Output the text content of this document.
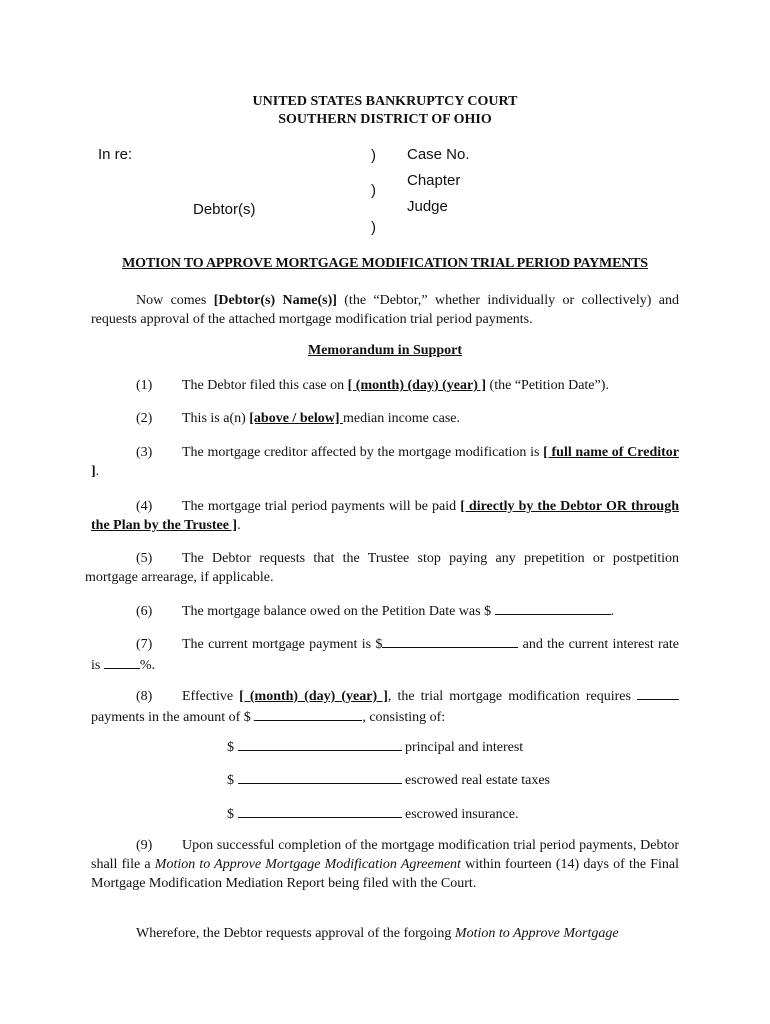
UNITED STATES BANKRUPTCY COURT
SOUTHERN DISTRICT OF OHIO
In re:
Debtor(s)
)
)
)
Case No.
Chapter
Judge
MOTION TO APPROVE MORTGAGE MODIFICATION TRIAL PERIOD PAYMENTS
Now comes [Debtor(s) Name(s)] (the “Debtor,” whether individually or collectively) and requests approval of the attached mortgage modification trial period payments.
Memorandum in Support
(1) The Debtor filed this case on [ (month) (day) (year) ] (the “Petition Date”).
(2) This is a(n) [above / below] median income case.
(3) The mortgage creditor affected by the mortgage modification is [ full name of Creditor ].
(4) The mortgage trial period payments will be paid [ directly by the Debtor OR through the Plan by the Trustee ].
(5) The Debtor requests that the Trustee stop paying any prepetition or postpetition mortgage arrearage, if applicable.
(6) The mortgage balance owed on the Petition Date was $	.
(7) The current mortgage payment is $	and the current interest rate is	%.
(8) Effective [ (month) (day) (year) ], the trial mortgage modification requires  payments in the amount of $	, consisting of:
$	principal and interest
$	escrowed real estate taxes
$	escrowed insurance.
(9) Upon successful completion of the mortgage modification trial period payments, Debtor shall file a Motion to Approve Mortgage Modification Agreement within fourteen (14) days of the Final Mortgage Modification Mediation Report being filed with the Court.
Wherefore, the Debtor requests approval of the forgoing Motion to Approve Mortgage
